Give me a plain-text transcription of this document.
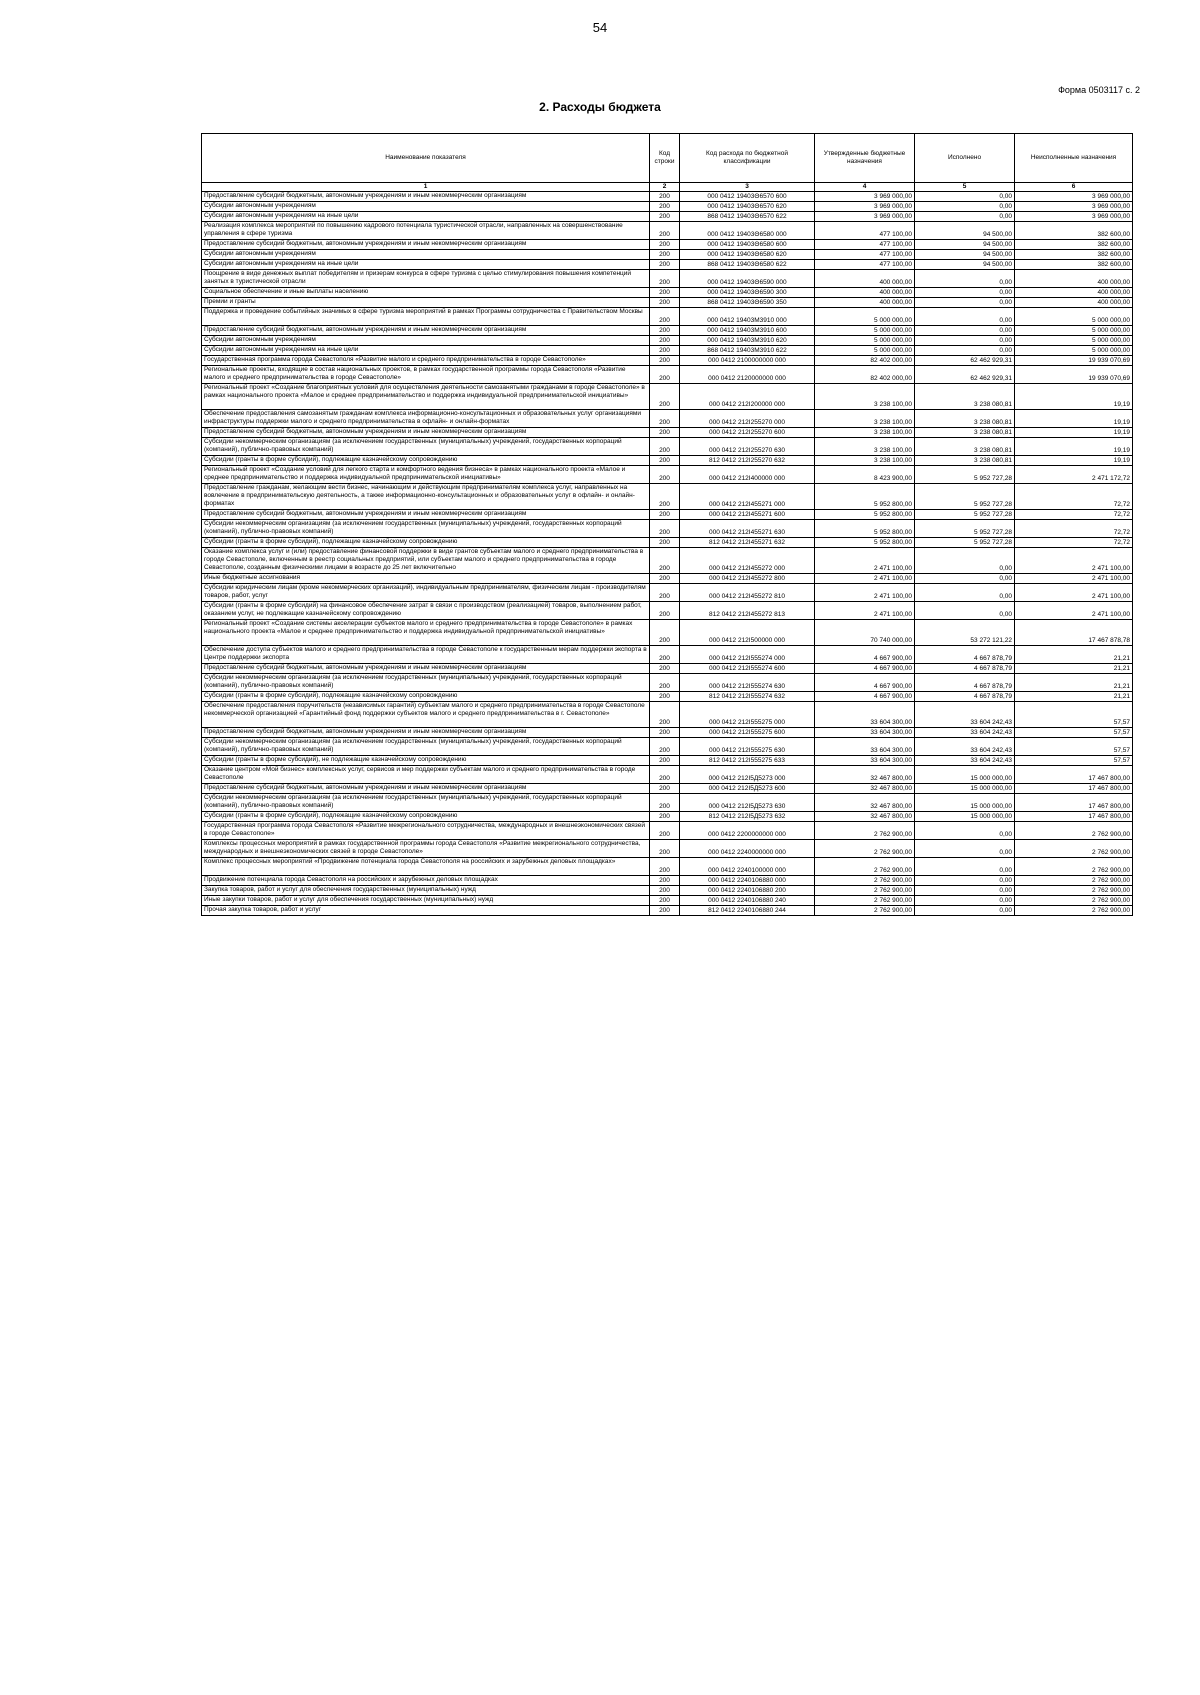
54
Форма 0503117 с. 2
2. Расходы бюджета
Наименование показателя	Код строки	Код расхода по бюджетной классификации	Утвержденные бюджетные назначения	Исполнено	Неисполненные назначения
1	2	3	4	5	6
Предоставление субсидий бюджетным, автономным учреждениям и иным некоммерческим организациям	200	000 0412 19403Θ6570 600	3 969 000,00	0,00	3 969 000,00
Субсидии автономным учреждениям	200	000 0412 19403Θ6570 620	3 969 000,00	0,00	3 969 000,00
Субсидии автономным учреждениям на иные цели	200	868 0412 19403Θ6570 622	3 969 000,00	0,00	3 969 000,00
Реализация комплекса мероприятий по повышению кадрового потенциала туристической отрасли, направленных на совершенствование управления в сфере туризма	200	000 0412 19403Θ6580 000	477 100,00	94 500,00	382 600,00
Предоставление субсидий бюджетным, автономным учреждениям и иным некоммерческим организациям	200	000 0412 19403Θ6580 600	477 100,00	94 500,00	382 600,00
Субсидии автономным учреждениям	200	000 0412 19403Θ6580 620	477 100,00	94 500,00	382 600,00
Субсидии автономным учреждениям на иные цели	200	868 0412 19403Θ6580 622	477 100,00	94 500,00	382 600,00
Поощрение в виде денежных выплат победителям и призерам конкурса в сфере туризма с целью стимулирования повышения компетенций занятых в туристической отрасли	200	000 0412 19403Θ6590 000	400 000,00	0,00	400 000,00
Социальное обеспечение и иные выплаты населению	200	000 0412 19403Θ6590 300	400 000,00	0,00	400 000,00
Премии и гранты	200	868 0412 19403Θ6590 350	400 000,00	0,00	400 000,00
Поддержка и проведение событийных значимых в сфере туризма мероприятий в рамках Программы сотрудничества с Правительством Москвы	200	000 0412 19403М3910 000	5 000 000,00	0,00	5 000 000,00
Предоставление субсидий бюджетным, автономным учреждениям и иным некоммерческим организациям	200	000 0412 19403М3910 600	5 000 000,00	0,00	5 000 000,00
Субсидии автономным учреждениям	200	000 0412 19403М3910 620	5 000 000,00	0,00	5 000 000,00
Субсидии автономным учреждениям на иные цели	200	868 0412 19403М3910 622	5 000 000,00	0,00	5 000 000,00
Государственная программа города Севастополя «Развитие малого и среднего предпринимательства в городе Севастополе»	200	000 0412 2100000000 000	82 402 000,00	62 462 929,31	19 939 070,69
Региональные проекты, входящие в состав национальных проектов, в рамках государственной программы города Севастополя «Развитие малого и среднего предпринимательства в городе Севастополе»	200	000 0412 2120000000 000	82 402 000,00	62 462 929,31	19 939 070,69
Региональный проект «Создание благоприятных условий для осуществления деятельности самозанятыми гражданами в городе Севастополе» в рамках национального проекта «Малое и среднее предпринимательство и поддержка индивидуальной предпринимательской инициативы»	200	000 0412 212I200000 000	3 238 100,00	3 238 080,81	19,19
Обеспечение предоставления самозанятым гражданам комплекса информационно-консультационных и образовательных услуг организациями инфраструктуры поддержки малого и среднего предпринимательства в офлайн- и онлайн-форматах	200	000 0412 212I255270 000	3 238 100,00	3 238 080,81	19,19
Предоставление субсидий бюджетным, автономным учреждениям и иным некоммерческим организациям	200	000 0412 212I255270 600	3 238 100,00	3 238 080,81	19,19
Субсидии некоммерческим организациям (за исключением государственных (муниципальных) учреждений, государственных корпораций (компаний), публично-правовых компаний)	200	000 0412 212I255270 630	3 238 100,00	3 238 080,81	19,19
Субсидии (гранты в форме субсидий), подлежащие казначейскому сопровождению	200	812 0412 212I255270 632	3 238 100,00	3 238 080,81	19,19
Региональный проект «Создание условий для легкого старта и комфортного ведения бизнеса» в рамках национального проекта «Малое и среднее предпринимательство и поддержка индивидуальной предпринимательской инициативы»	200	000 0412 212I400000 000	8 423 900,00	5 952 727,28	2 471 172,72
Предоставление гражданам, желающим вести бизнес, начинающим и действующим предпринимателям комплекса услуг, направленных на вовлечение в предпринимательскую деятельность, а также информационно-консультационных и образовательных услуг в офлайн- и онлайн-форматах	200	000 0412 212I455271 000	5 952 800,00	5 952 727,28	72,72
Предоставление субсидий бюджетным, автономным учреждениям и иным некоммерческим организациям	200	000 0412 212I455271 600	5 952 800,00	5 952 727,28	72,72
Субсидии некоммерческим организациям (за исключением государственных (муниципальных) учреждений, государственных корпораций (компаний), публично-правовых компаний)	200	000 0412 212I455271 630	5 952 800,00	5 952 727,28	72,72
Субсидии (гранты в форме субсидий), подлежащие казначейскому сопровождению	200	812 0412 212I455271 632	5 952 800,00	5 952 727,28	72,72
Оказание комплекса услуг и (или) предоставление финансовой поддержки в виде грантов субъектам малого и среднего предпринимательства в городе Севастополе, включенным в реестр социальных предприятий, или субъектам малого и среднего предпринимательства в городе Севастополе, созданным физическими лицами в возрасте до 25 лет включительно	200	000 0412 212I455272 000	2 471 100,00	0,00	2 471 100,00
Иные бюджетные ассигнования	200	000 0412 212I455272 800	2 471 100,00	0,00	2 471 100,00
Субсидии юридическим лицам (кроме некоммерческих организаций), индивидуальным предпринимателям, физическим лицам - производителям товаров, работ, услуг	200	000 0412 212I455272 810	2 471 100,00	0,00	2 471 100,00
Субсидии (гранты в форме субсидий) на финансовое обеспечение затрат в связи с производством (реализацией) товаров, выполнением работ, оказанием услуг, не подлежащие казначейскому сопровождению	200	812 0412 212I455272 813	2 471 100,00	0,00	2 471 100,00
Региональный проект «Создание системы акселерации субъектов малого и среднего предпринимательства в городе Севастополе» в рамках национального проекта «Малое и среднее предпринимательство и поддержка индивидуальной предпринимательской инициативы»	200	000 0412 212I500000 000	70 740 000,00	53 272 121,22	17 467 878,78
Обеспечение доступа субъектов малого и среднего предпринимательства в городе Севастополе к государственным мерам поддержки экспорта в Центре поддержки экспорта	200	000 0412 212I555274 000	4 667 900,00	4 667 878,79	21,21
Предоставление субсидий бюджетным, автономным учреждениям и иным некоммерческим организациям	200	000 0412 212I555274 600	4 667 900,00	4 667 878,79	21,21
Субсидии некоммерческим организациям (за исключением государственных (муниципальных) учреждений, государственных корпораций (компаний), публично-правовых компаний)	200	000 0412 212I555274 630	4 667 900,00	4 667 878,79	21,21
Субсидии (гранты в форме субсидий), подлежащие казначейскому сопровождению	200	812 0412 212I555274 632	4 667 900,00	4 667 878,79	21,21
Обеспечение предоставления поручительств (независимых гарантий) субъектам малого и среднего предпринимательства в городе Севастополе некоммерческой организацией «Гарантийный фонд поддержки субъектов малого и среднего предпринимательства в г. Севастополе»	200	000 0412 212I555275 000	33 604 300,00	33 604 242,43	57,57
Предоставление субсидий бюджетным, автономным учреждениям и иным некоммерческим организациям	200	000 0412 212I555275 600	33 604 300,00	33 604 242,43	57,57
Субсидии некоммерческим организациям (за исключением государственных (муниципальных) учреждений, государственных корпораций (компаний), публично-правовых компаний)	200	000 0412 212I555275 630	33 604 300,00	33 604 242,43	57,57
Субсидии (гранты в форме субсидий), не подлежащие казначейскому сопровождению	200	812 0412 212I555275 633	33 604 300,00	33 604 242,43	57,57
Оказание центром «Мой бизнес» комплексных услуг, сервисов и мер поддержки субъектам малого и среднего предпринимательства в городе Севастополе	200	000 0412 212I5Д5273 000	32 467 800,00	15 000 000,00	17 467 800,00
Предоставление субсидий бюджетным, автономным учреждениям и иным некоммерческим организациям	200	000 0412 212I5Д5273 600	32 467 800,00	15 000 000,00	17 467 800,00
Субсидии некоммерческим организациям (за исключением государственных (муниципальных) учреждений, государственных корпораций (компаний), публично-правовых компаний)	200	000 0412 212I5Д5273 630	32 467 800,00	15 000 000,00	17 467 800,00
Субсидии (гранты в форме субсидий), подлежащие казначейскому сопровождению	200	812 0412 212I5Д5273 632	32 467 800,00	15 000 000,00	17 467 800,00
Государственная программа города Севастополя «Развитие межрегионального сотрудничества, международных и внешнеэкономических связей в городе Севастополе»	200	000 0412 2200000000 000	2 762 900,00	0,00	2 762 900,00
Комплексы процессных мероприятий в рамках государственной программы города Севастополя «Развитие межрегионального сотрудничества, международных и внешнеэкономических связей в городе Севастополе»	200	000 0412 2240000000 000	2 762 900,00	0,00	2 762 900,00
Комплекс процессных мероприятий «Продвижение потенциала города Севастополя на российских и зарубежных деловых площадках»	200	000 0412 2240100000 000	2 762 900,00	0,00	2 762 900,00
Продвижение потенциала города Севастополя на российских и зарубежных деловых площадках	200	000 0412 2240106880 000	2 762 900,00	0,00	2 762 900,00
Закупка товаров, работ и услуг для обеспечения государственных (муниципальных) нужд	200	000 0412 2240106880 200	2 762 900,00	0,00	2 762 900,00
Иные закупки товаров, работ и услуг для обеспечения государственных (муниципальных) нужд	200	000 0412 2240106880 240	2 762 900,00	0,00	2 762 900,00
Прочая закупка товаров, работ и услуг	200	812 0412 2240106880 244	2 762 900,00	0,00	2 762 900,00
